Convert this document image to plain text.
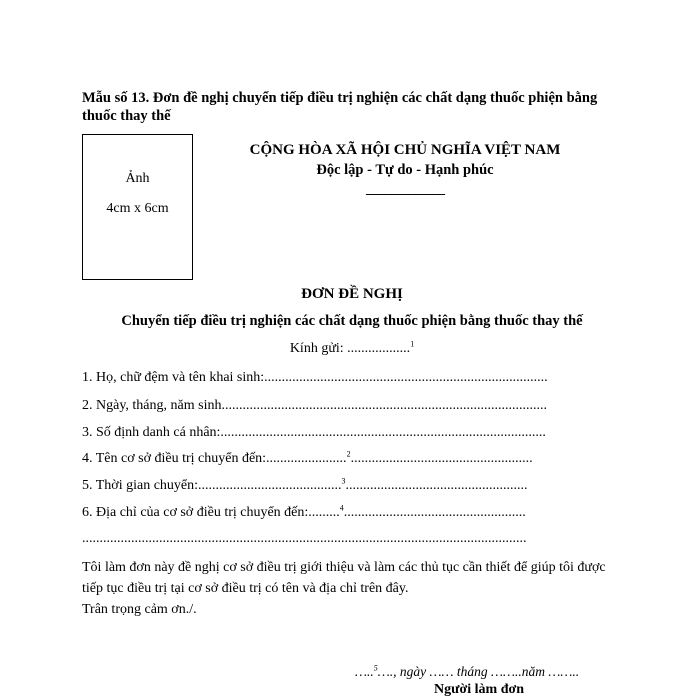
Mẫu số 13. Đơn đề nghị chuyển tiếp điều trị nghiện các chất dạng thuốc phiện bằng thuốc thay thế
Ảnh
4cm x 6cm
CỘNG HÒA XÃ HỘI CHỦ NGHĨA VIỆT NAM
Độc lập - Tự do - Hạnh phúc
_____________
ĐƠN ĐỀ NGHỊ
Chuyển tiếp điều trị nghiện các chất dạng thuốc phiện bằng thuốc thay thế
Kính gửi: ..................$^1$
1. Họ, chữ đệm và tên khai sinh:.................................................................................
2. Ngày, tháng, năm sinh.............................................................................................
3. Số định danh cá nhân:.............................................................................................
4. Tên cơ sở điều trị chuyển đến:.......................$^2$....................................................
5. Thời gian chuyển:.........................................$^3$....................................................
6. Địa chỉ của cơ sở điều trị chuyển đến:.........$^4$....................................................
...............................................................................................................................
Tôi làm đơn này đề nghị cơ sở điều trị giới thiệu và làm các thủ tục cần thiết để giúp tôi được tiếp tục điều trị tại cơ sở điều trị có tên và địa chỉ trên đây.
Trân trọng cảm ơn./.
…..$^5$…., ngày …… tháng ……..năm ……..
Người làm đơn
